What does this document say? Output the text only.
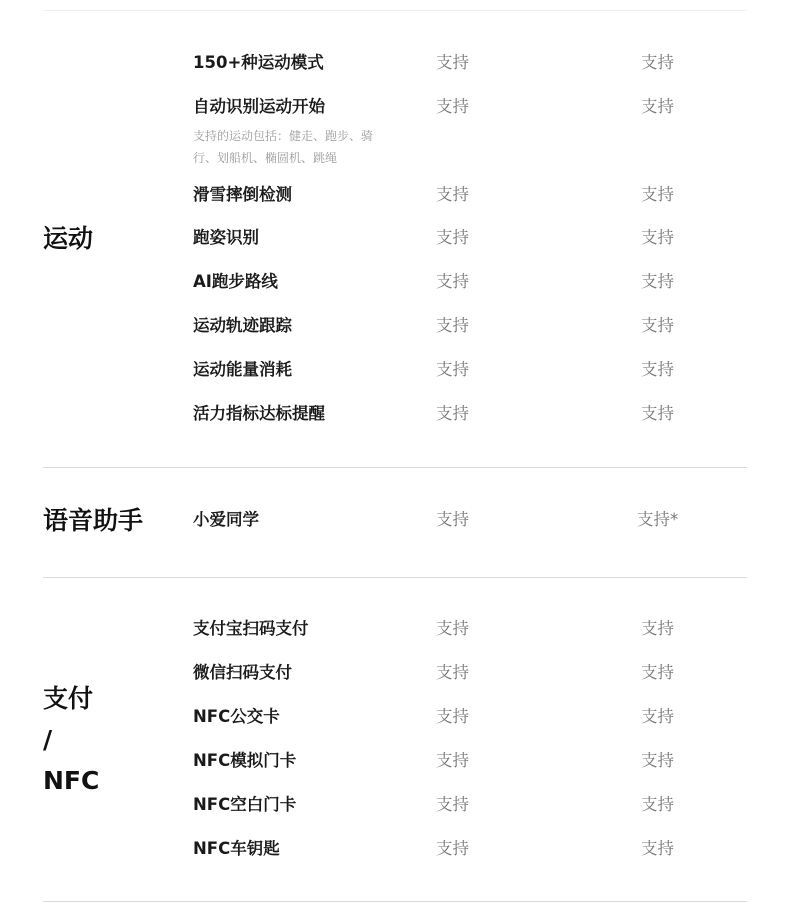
运动
150+种运动模式	支持	支持
自动识别运动开始	支持	支持
支持的运动包括：健走、跑步、骑行、划船机、椭圆机、跳绳
滑雪摔倒检测	支持	支持
跑姿识别	支持	支持
AI跑步路线	支持	支持
运动轨迹跟踪	支持	支持
运动能量消耗	支持	支持
活力指标达标提醒	支持	支持
语音助手	小爱同学	支持	支持*
支付
/
NFC
支付宝扫码支付	支持	支持
微信扫码支付	支持	支持
NFC公交卡	支持	支持
NFC模拟门卡	支持	支持
NFC空白门卡	支持	支持
NFC车钥匙	支持	支持
